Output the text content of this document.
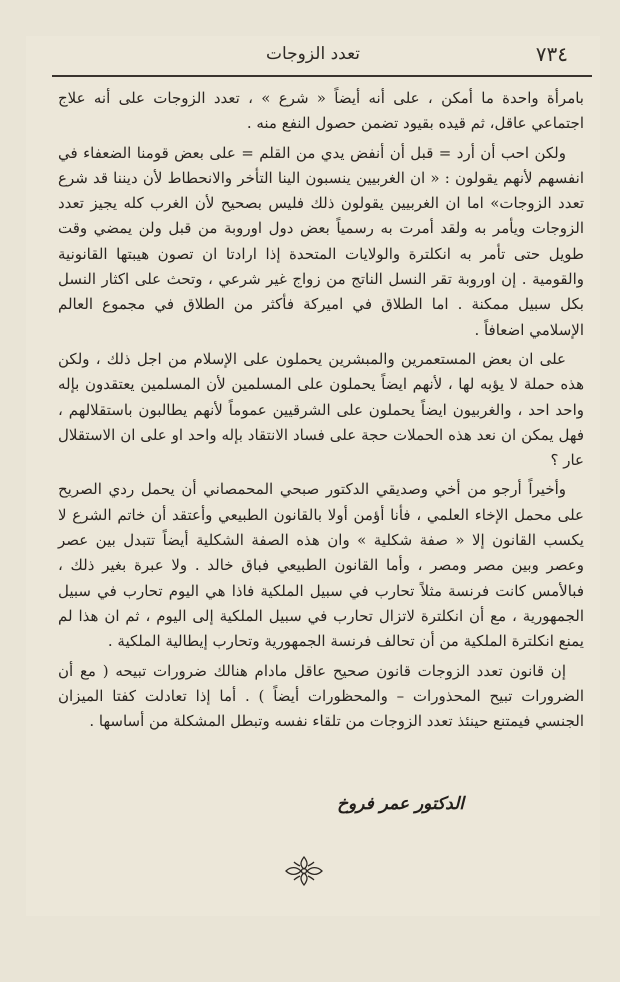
٧٣٤
تعدد الزوجات

بامرأة واحدة ما أمكن ، على أنه أيضاً « شرع » ، تعدد الزوجات على أنه علاج اجتماعي عاقل، ثم قيده بقيود تضمن حصول النفع منه .

ولكن احب أن أرد = قبل أن أنفض يدي من القلم = على بعض قومنا الضعفاء في انفسهم لأنهم يقولون : « ان الغربيين ينسبون الينا التأخر والانحطاط لأن ديننا قد شرع تعدد الزوجات» اما ان الغربيين يقولون ذلك فليس بصحيح لأن الغرب كله يجيز تعدد الزوجات ويأمر به ولقد أمرت به رسمياً بعض دول اوروبة من قبل ولن يمضي وقت طويل حتى تأمر به انكلترة والولايات المتحدة إذا ارادتا ان تصون هيبتها القانونية والقومية . إن اوروبة تقر النسل الناتج من زواج غير شرعي ، وتحث على اكثار النسل بكل سبيل ممكنة . اما الطلاق في اميركة فأكثر من الطلاق في مجموع العالم الإسلامي اضعافاً .

على ان بعض المستعمرين والمبشرين يحملون على الإسلام من اجل ذلك ، ولكن هذه حملة لا يؤبه لها ، لأنهم ايضاً يحملون على المسلمين لأن المسلمين يعتقدون بإله واحد احد ، والغربيون ايضاً يحملون على الشرقيين عموماً لأنهم يطالبون باستقلالهم ، فهل يمكن ان نعد هذه الحملات حجة على فساد الانتقاد بإله واحد او على ان الاستقلال عار ؟

وأخيراً أرجو من أخي وصديقي الدكتور صبحي المحمصاني أن يحمل ردي الصريح على محمل الإخاء العلمي ، فأنا أؤمن أولا بالقانون الطبيعي وأعتقد أن خاتم الشرع لا يكسب القانون إلا « صفة شكلية » وان هذه الصفة الشكلية أيضاً تتبدل بين عصر وعصر وبين مصر ومصر ، وأما القانون الطبيعي فباق خالد . ولا عبرة بغير ذلك ، فبالأمس كانت فرنسة مثلاً تحارب في سبيل الملكية فاذا هي اليوم تحارب في سبيل الجمهورية ، مع أن انكلترة لاتزال تحارب في سبيل الملكية إلى اليوم ، ثم ان هذا لم يمنع انكلترة الملكية من أن تحالف فرنسة الجمهورية وتحارب إيطالية الملكية .

إن قانون تعدد الزوجات قانون صحيح عاقل مادام هنالك ضرورات تبيحه ( مع أن الضرورات تبيح المحذورات – والمحظورات أيضاً ) . أما إذا تعادلت كفتا الميزان الجنسي فيمتنع حينئذ تعدد الزوجات من تلقاء نفسه وتبطل المشكلة من أساسها .

الدكتور عمر فروخ
